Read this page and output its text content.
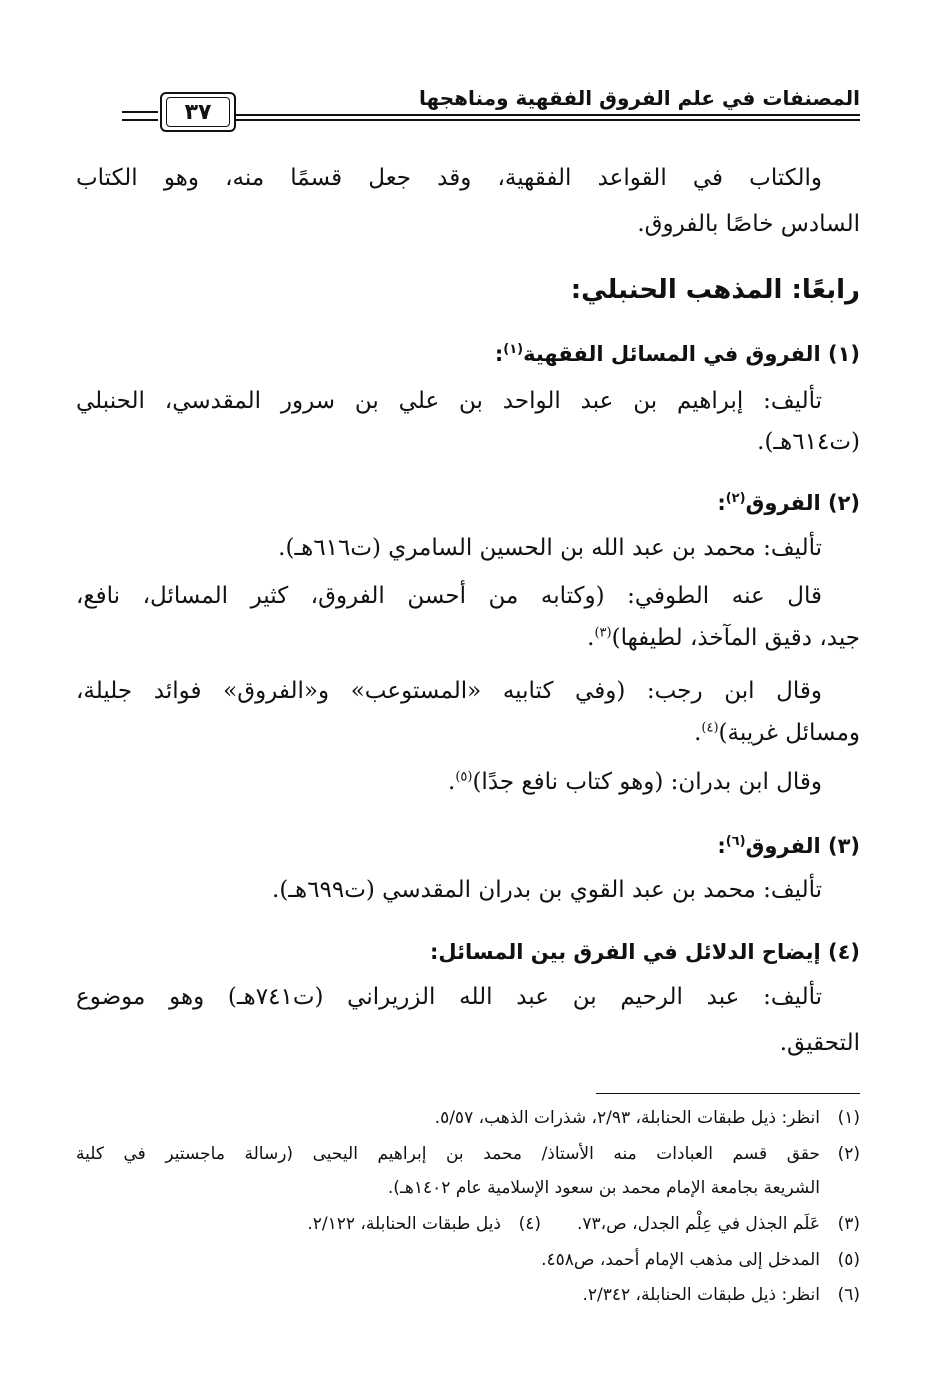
المصنفات في علم الفروق الفقهية ومناهجها
٣٧
والكتاب في القواعد الفقهية، وقد جعل قسمًا منه، وهو الكتاب
السادس خاصًا بالفروق.
رابعًا: المذهب الحنبلي:
(١) الفروق في المسائل الفقهية$^{(١)}$:
تأليف: إبراهيم بن عبد الواحد بن علي بن سرور المقدسي، الحنبلي
(ت٦١٤هـ).
(٢) الفروق$^{(٢)}$:
تأليف: محمد بن عبد الله بن الحسين السامري (ت٦١٦هـ).
قال عنه الطوفي: (وكتابه من أحسن الفروق، كثير المسائل، نافع،
جيد، دقيق المآخذ، لطيفها)$^{(٣)}$.
وقال ابن رجب: (وفي كتابيه «المستوعب» و«الفروق» فوائد جليلة،
ومسائل غريبة)$^{(٤)}$.
وقال ابن بدران: (وهو كتاب نافع جدًا)$^{(٥)}$.
(٣) الفروق$^{(٦)}$:
تأليف: محمد بن عبد القوي بن بدران المقدسي (ت٦٩٩هـ).
(٤) إيضاح الدلائل في الفرق بين المسائل:
تأليف: عبد الرحيم بن عبد الله الزريراني (ت٧٤١هـ) وهو موضوع
التحقيق.
(١)انظر: ذيل طبقات الحنابلة، ٢/٩٣، شذرات الذهب، ٥/٥٧.
(٢)حقق قسم العبادات منه الأستاذ/ محمد بن إبراهيم اليحيى (رسالة ماجستير في كلية
الشريعة بجامعة الإمام محمد بن سعود الإسلامية عام ١٤٠٢هـ).
(٣)عَلَم الجذل في عِلْم الجدل، ص،٧٣.(٤)ذيل طبقات الحنابلة، ٢/١٢٢.
(٥)المدخل إلى مذهب الإمام أحمد، ص٤٥٨.
(٦)انظر: ذيل طبقات الحنابلة، ٢/٣٤٢.
